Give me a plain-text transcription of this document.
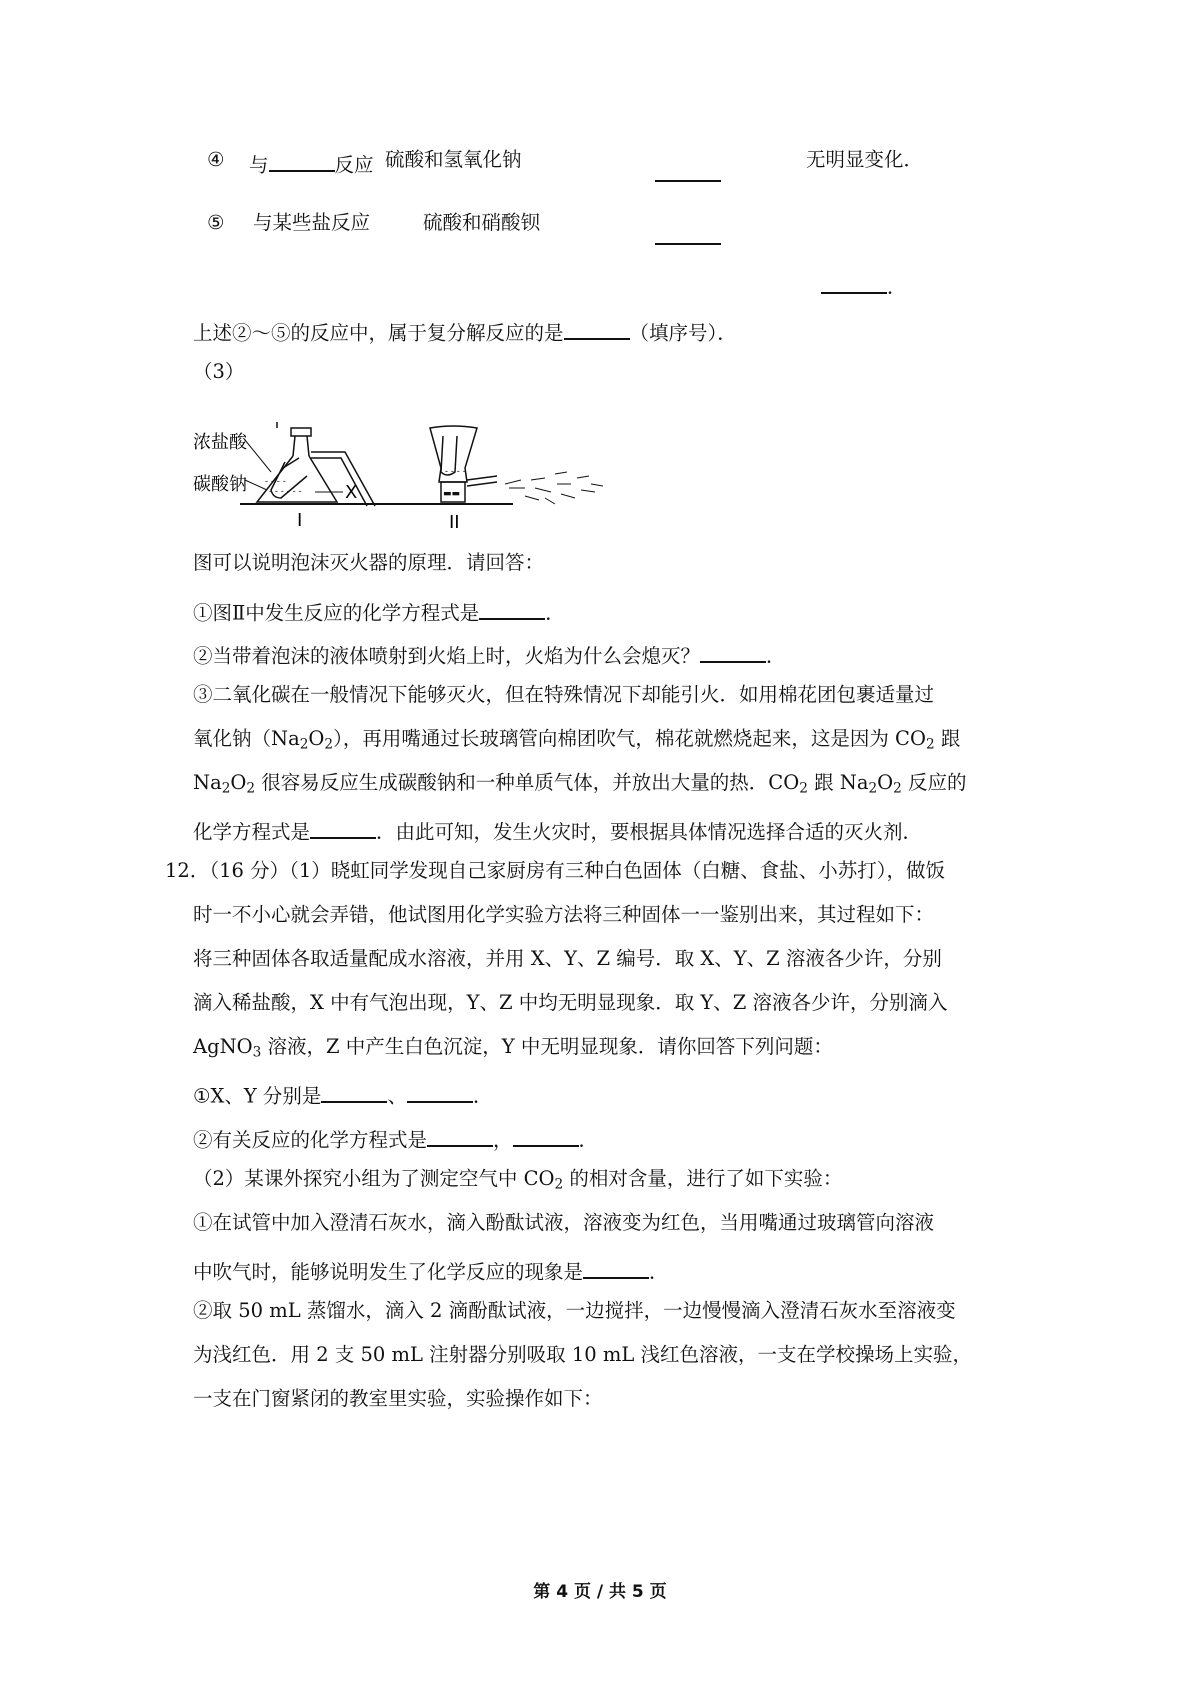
④ 与	反应 硫酸和氢氧化钠	无明显变化．
⑤ 与某些盐反应	硫酸和硝酸钡
．
上述②～⑤的反应中，属于复分解反应的是	（填序号）．
（3）
- - - - - -
- - - -
浓盐酸
碳酸钠	X
I
- - - -
▬▬
II
图可以说明泡沫灭火器的原理．请回答：
①图Ⅱ中发生反应的化学方程式是	．
②当带着泡沫的液体喷射到火焰上时，火焰为什么会熄灭？	．
③二氧化碳在一般情况下能够灭火，但在特殊情况下却能引火．如用棉花团包裹适量过
氧化钠$(Na_2O_2)$，再用嘴通过长玻璃管向棉团吹气，棉花就燃烧起来，这是因为 $CO_2$ 跟
$Na_2O_2$ 很容易反应生成碳酸钠和一种单质气体，并放出大量的热．$CO_2$ 跟 $Na_2O_2$ 反应的
化学方程式是	．由此可知，发生火灾时，要根据具体情况选择合适的灭火剂．
12．（16 分）（1）晓虹同学发现自己家厨房有三种白色固体（白糖、食盐、小苏打），做饭
时一不小心就会弄错，他试图用化学实验方法将三种固体一一鉴别出来，其过程如下：
将三种固体各取适量配成水溶液，并用 X、Y、Z 编号．取 X、Y、Z 溶液各少许，分别
滴入稀盐酸，X 中有气泡出现，Y、Z 中均无明显现象．取 Y、Z 溶液各少许，分别滴入
AgNO$_3$ 溶液，Z 中产生白色沉淀，Y 中无明显现象．请你回答下列问题：
①X、Y 分别是	、	．
②有关反应的化学方程式是	，	．
（2）某课外探究小组为了测定空气中 $CO_2$ 的相对含量，进行了如下实验：
①在试管中加入澄清石灰水，滴入酚酞试液，溶液变为红色，当用嘴通过玻璃管向溶液
中吹气时，能够说明发生了化学反应的现象是	．
②取 50 mL 蒸馏水，滴入 2 滴酚酞试液，一边搅拌，一边慢慢滴入澄清石灰水至溶液变
为浅红色．用 2 支 50 mL 注射器分别吸取 10 mL 浅红色溶液，一支在学校操场上实验，
一支在门窗紧闭的教室里实验，实验操作如下：
第 4 页 / 共 5 页
